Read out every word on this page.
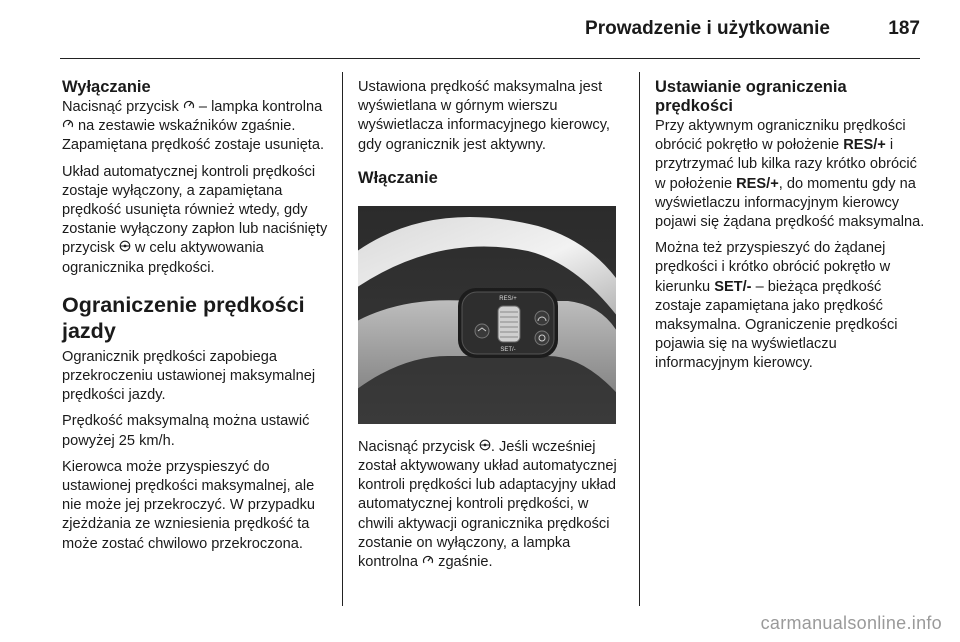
Prowadzenie i użytkowanie	187
Wyłączanie

Nacisnąć przycisk  – lampka kontrolna  na zestawie wskaźników zgaśnie. Zapamiętana prędkość zostaje usunięta.

Układ automatycznej kontroli prędkości zostaje wyłączony, a zapamiętana prędkość usunięta również wtedy, gdy zostanie wyłączony zapłon lub naciśnięty przycisk  w celu aktywowania ogranicznika prędkości.

Ograniczenie prędkości jazdy

Ogranicznik prędkości zapobiega przekroczeniu ustawionej maksymalnej prędkości jazdy.

Prędkość maksymalną można ustawić powyżej 25 km/h.

Kierowca może przyspieszyć do ustawionej prędkości maksymalnej, ale nie może jej przekroczyć. W przypadku zjeżdżania ze wzniesienia prędkość ta może zostać chwilowo przekroczona.

Ustawiona prędkość maksymalna jest wyświetlana w górnym wierszu wyświetlacza informacyjnego kierowcy, gdy ogranicznik jest aktywny.

Włączanie
RES/+
SET/-

Nacisnąć przycisk . Jeśli wcześniej został aktywowany układ automatycznej kontroli prędkości lub adaptacyjny układ automatycznej kontroli prędkości, w chwili aktywacji ogranicznika prędkości zostanie on wyłączony, a lampka kontrolna  zgaśnie.

Ustawianie ograniczenia prędkości

Przy aktywnym ograniczniku prędkości obrócić pokrętło w położenie RES/+ i przytrzymać lub kilka razy krótko obrócić w położenie RES/+, do momentu gdy na wyświetlaczu informacyjnym kierowcy pojawi się żądana prędkość maksymalna.

Można też przyspieszyć do żądanej prędkości i krótko obrócić pokrętło w kierunku SET/- – bieżąca prędkość zostaje zapamiętana jako prędkość maksymalna. Ograniczenie prędkości pojawia się na wyświetlaczu informacyjnym kierowcy.

carmanualsonline.info
